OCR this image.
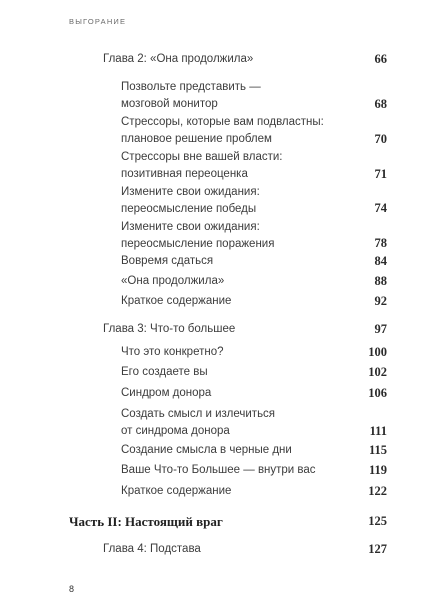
ВЫГОРАНИЕ
Глава 2: «Она продолжила»	66
Позвольте представить —
мозговой монитор	68
Стрессоры, которые вам подвластны:
плановое решение проблем	70
Стрессоры вне вашей власти:
позитивная переоценка	71
Измените свои ожидания:
переосмысление победы	74
Измените свои ожидания:
переосмысление поражения	78
Вовремя сдаться	84
«Она продолжила»	88
Краткое содержание	92
Глава 3: Что-то большее	97
Что это конкретно?	100
Его создаете вы	102
Синдром донора	106
Создать смысл и излечиться
от синдрома донора	111
Создание смысла в черные дни	115
Ваше Что-то Большее — внутри вас	119
Краткое содержание	122
Часть II: Настоящий враг	125
Глава 4: Подстава	127
8
